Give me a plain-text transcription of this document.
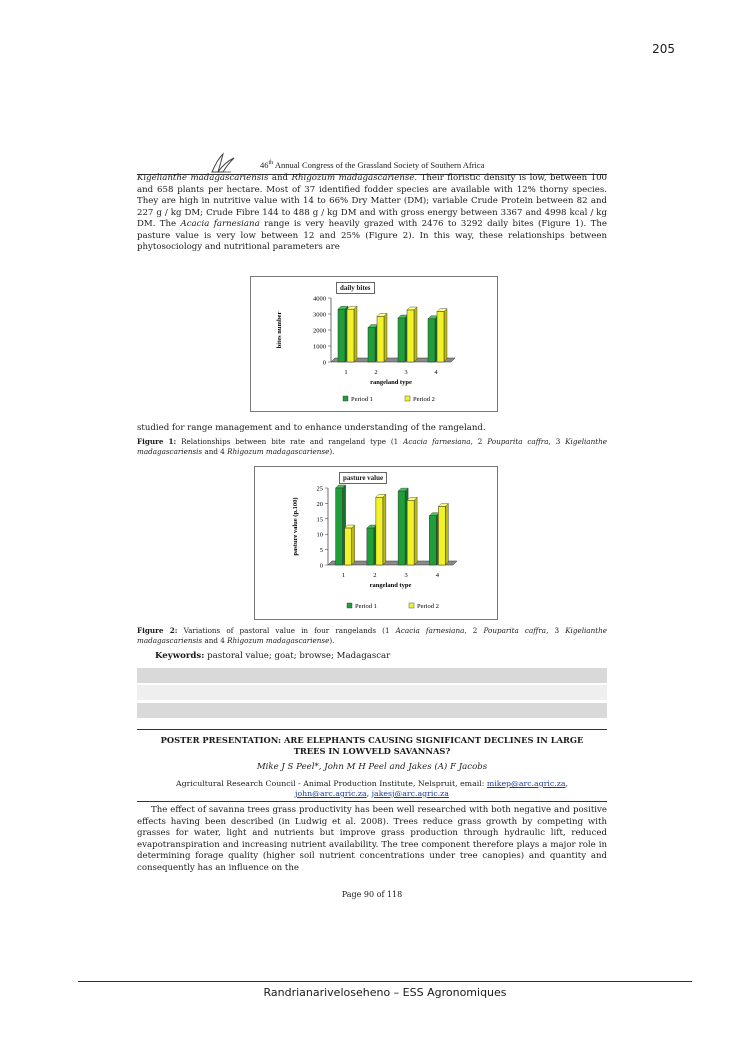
205
46th Annual Congress of the Grassland Society of Southern Africa
Kigelianthe madagascariensis and Rhigozum madagascariense. Their floristic density is low, between 100 and 658 plants per hectare. Most of 37 identified fodder species are available with 12% thorny species. They are high in nutritive value with 14 to 66% Dry Matter (DM); variable Crude Protein between 82 and 227 g / kg DM; Crude Fibre 144 to 488 g / kg DM and with gross energy between 3367 and 4998 kcal / kg DM. The Acacia farnesiana range is very heavily grazed with 2476 to 3292 daily bites (Figure 1). The pasture value is very low between 12 and 25% (Figure 2). In this way, these relationships between phytosociology and nutritional parameters are
0
1000
2000
3000
4000
1	2	3	4
rangeland type
bites number
Period 1	Period 2
daily bites
studied for range management and to enhance understanding of the rangeland.
Figure 1: Relationships between bite rate and rangeland type (1 Acacia farnesiana, 2 Pouparita caffra, 3 Kigelianthe madagascariensis and 4 Rhigozum madagascariense).
0
5
10
15
20
25
1	2	3	4
rangeland type
pasture value (p.100)
Period 1	Period 2
pasture value
Figure 2: Variations of pastoral value in four rangelands (1 Acacia farnesiana, 2 Pouparita caffra, 3 Kigelianthe madagascariensis and 4 Rhigozum madagascariense).
Keywords: pastoral value; goat; browse; Madagascar
POSTER PRESENTATION: ARE ELEPHANTS CAUSING SIGNIFICANT DECLINES IN LARGE
TREES IN LOWVELD SAVANNAS?
Mike J S Peel*, John M H Peel and Jakes (A) F Jacobs
Agricultural Research Council - Animal Production Institute, Nelspruit, email: mikep@arc.agric.za,
john@arc.agric.za, jakesj@arc.agric.za
The effect of savanna trees grass productivity has been well researched with both negative and positive effects having been described (in Ludwig et al. 2008). Trees reduce grass growth by competing with grasses for water, light and nutrients but improve grass production through hydraulic lift, reduced evapotranspiration and increasing nutrient availability. The tree component therefore plays a major role in determining forage quality (higher soil nutrient concentrations under tree canopies) and quantity and consequently has an influence on the
Page 90 of 118
Randrianariveloseheno – ESS Agronomiques
